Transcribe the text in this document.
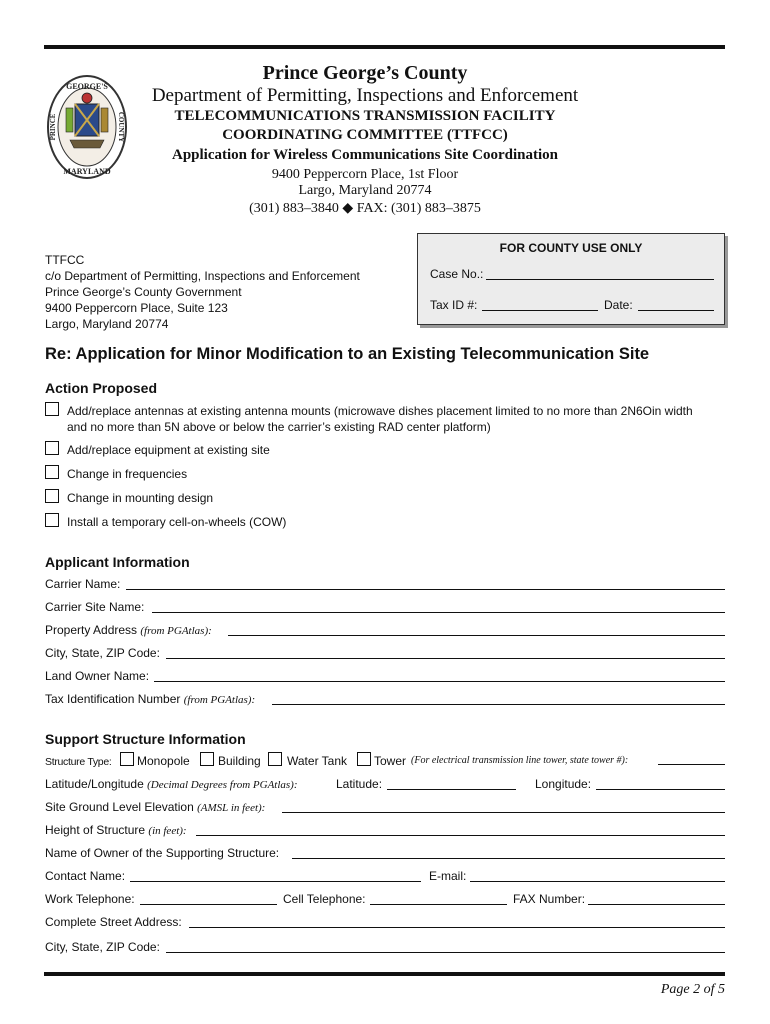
GEORGE'S
MARYLAND
PRINCE	COUNTY
Prince George’s County
Department of Permitting, Inspections and Enforcement
TELECOMMUNICATIONS TRANSMISSION FACILITY
COORDINATING COMMITTEE (TTFCC)
Application for Wireless Communications Site Coordination
9400 Peppercorn Place, 1st Floor
Largo, Maryland 20774
(301) 883–3840 ◆ FAX: (301) 883–3875
TTFCC
c/o Department of Permitting, Inspections and Enforcement
Prince George’s County Government
9400 Peppercorn Place, Suite 123
Largo, Maryland 20774
FOR COUNTY USE ONLY
Case No.:
Tax ID #:	Date:
Re: Application for Minor Modification to an Existing Telecommunication Site
Action Proposed
Add/replace antennas at existing antenna mounts (microwave dishes placement limited to no more than 2N6Oin width
and no more than 5N above or below the carrier’s existing RAD center platform)
Add/replace equipment at existing site
Change in frequencies
Change in mounting design
Install a temporary cell-on-wheels (COW)
Applicant Information
Carrier Name:
Carrier Site Name:
Property Address (from PGAtlas):
City, State, ZIP Code:
Land Owner Name:
Tax Identification Number (from PGAtlas):
Support Structure Information
Structure Type: Monopole Building Water Tank Tower (For electrical transmission line tower, state tower #):
Latitude/Longitude (Decimal Degrees from PGAtlas):	Latitude:	Longitude:
Site Ground Level Elevation (AMSL in feet):
Height of Structure (in feet):
Name of Owner of the Supporting Structure:
Contact Name:	E-mail:
Work Telephone:	Cell Telephone:	FAX Number:
Complete Street Address:
City, State, ZIP Code:
Page 2 of 5
